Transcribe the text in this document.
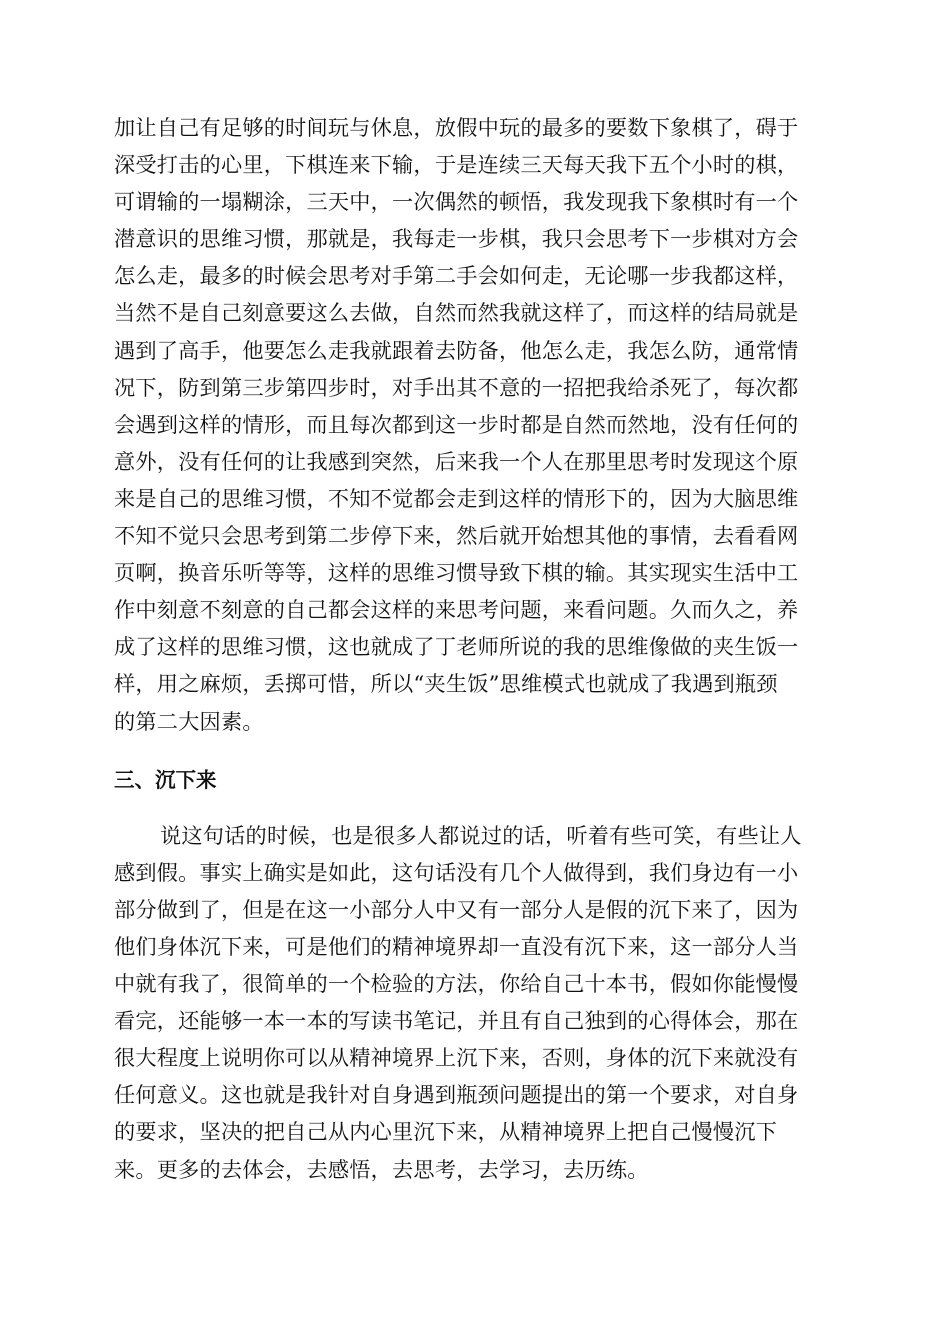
加让自己有足够的时间玩与休息，放假中玩的最多的要数下象棋了，碍于
深受打击的心里，下棋连来下输，于是连续三天每天我下五个小时的棋，
可谓输的一塌糊涂，三天中，一次偶然的顿悟，我发现我下象棋时有一个
潜意识的思维习惯，那就是，我每走一步棋，我只会思考下一步棋对方会
怎么走，最多的时候会思考对手第二手会如何走，无论哪一步我都这样，
当然不是自己刻意要这么去做，自然而然我就这样了，而这样的结局就是
遇到了高手，他要怎么走我就跟着去防备，他怎么走，我怎么防，通常情
况下，防到第三步第四步时，对手出其不意的一招把我给杀死了，每次都
会遇到这样的情形，而且每次都到这一步时都是自然而然地，没有任何的
意外，没有任何的让我感到突然，后来我一个人在那里思考时发现这个原
来是自己的思维习惯，不知不觉都会走到这样的情形下的，因为大脑思维
不知不觉只会思考到第二步停下来，然后就开始想其他的事情，去看看网
页啊，换音乐听等等，这样的思维习惯导致下棋的输。其实现实生活中工
作中刻意不刻意的自己都会这样的来思考问题，来看问题。久而久之，养
成了这样的思维习惯，这也就成了丁老师所说的我的思维像做的夹生饭一
样，用之麻烦，丢掷可惜，所以“夹生饭”思维模式也就成了我遇到瓶颈
的第二大因素。
三、沉下来
说这句话的时候，也是很多人都说过的话，听着有些可笑，有些让人
感到假。事实上确实是如此，这句话没有几个人做得到，我们身边有一小
部分做到了，但是在这一小部分人中又有一部分人是假的沉下来了，因为
他们身体沉下来，可是他们的精神境界却一直没有沉下来，这一部分人当
中就有我了，很简单的一个检验的方法，你给自己十本书，假如你能慢慢
看完，还能够一本一本的写读书笔记，并且有自己独到的心得体会，那在
很大程度上说明你可以从精神境界上沉下来，否则，身体的沉下来就没有
任何意义。这也就是我针对自身遇到瓶颈问题提出的第一个要求，对自身
的要求，坚决的把自己从内心里沉下来，从精神境界上把自己慢慢沉下
来。更多的去体会，去感悟，去思考，去学习，去历练。
